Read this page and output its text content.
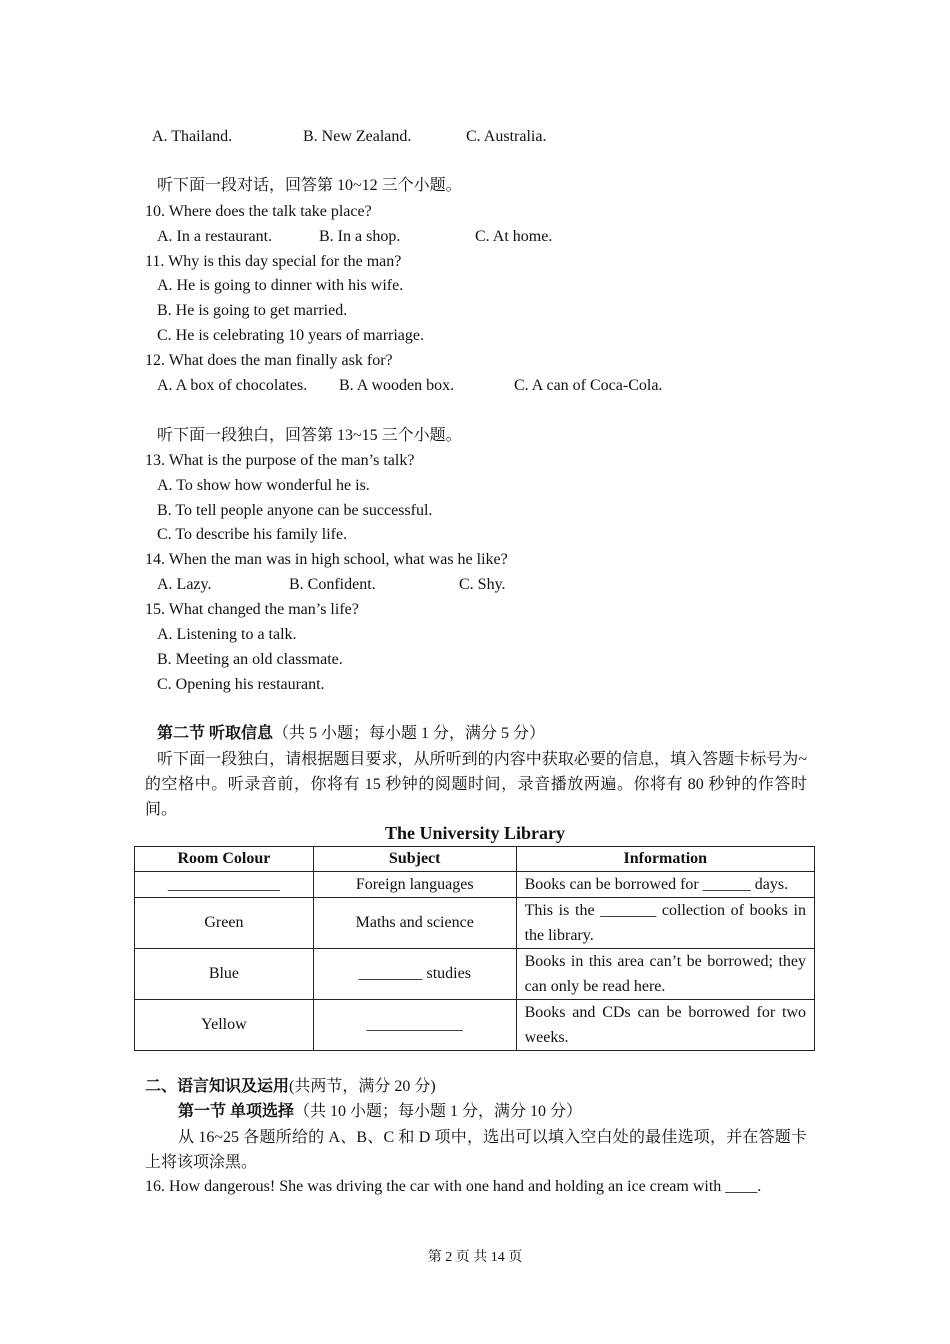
A. Thailand.	B. New Zealand.	C. Australia.
听下面一段对话，回答第 10~12 三个小题。
10. Where does the talk take place?
A. In a restaurant.	B. In a shop.	C. At home.
11. Why is this day special for the man?
A. He is going to dinner with his wife.
B. He is going to get married.
C. He is celebrating 10 years of marriage.
12. What does the man finally ask for?
A. A box of chocolates. B. A wooden box.	C. A can of Coca-Cola.
听下面一段独白，回答第 13~15 三个小题。
13. What is the purpose of the man’s talk?
A. To show how wonderful he is.
B. To tell people anyone can be successful.
C. To describe his family life.
14. When the man was in high school, what was he like?
A. Lazy.	B. Confident.	C. Shy.
15. What changed the man’s life?
A. Listening to a talk.
B. Meeting an old classmate.
C. Opening his restaurant.
第二节 听取信息（共 5 小题；每小题 1 分，满分 5 分）
听下面一段独白，请根据题目要求，从所听到的内容中获取必要的信息，填入答题卡标号为~的空格中。听录音前，你将有 15 秒钟的阅题时间，录音播放两遍。你将有 80 秒钟的作答时间。
The University Library
Room Colour	Subject	Information
______________	Foreign languages	Books can be borrowed for ______ days.
Green	Maths and science	This is the _______ collection of books in the library.
Blue	________ studies	Books in this area can’t be borrowed; they can only be read here.
Yellow	____________	Books and CDs can be borrowed for two weeks.
二、语言知识及运用(共两节，满分 20 分)
第一节 单项选择（共 10 小题；每小题 1 分，满分 10 分）
从 16~25 各题所给的 A、B、C 和 D 项中，选出可以填入空白处的最佳选项，并在答题卡上将该项涂黑。
16. How dangerous! She was driving the car with one hand and holding an ice cream with ____.
第 2 页 共 14 页
